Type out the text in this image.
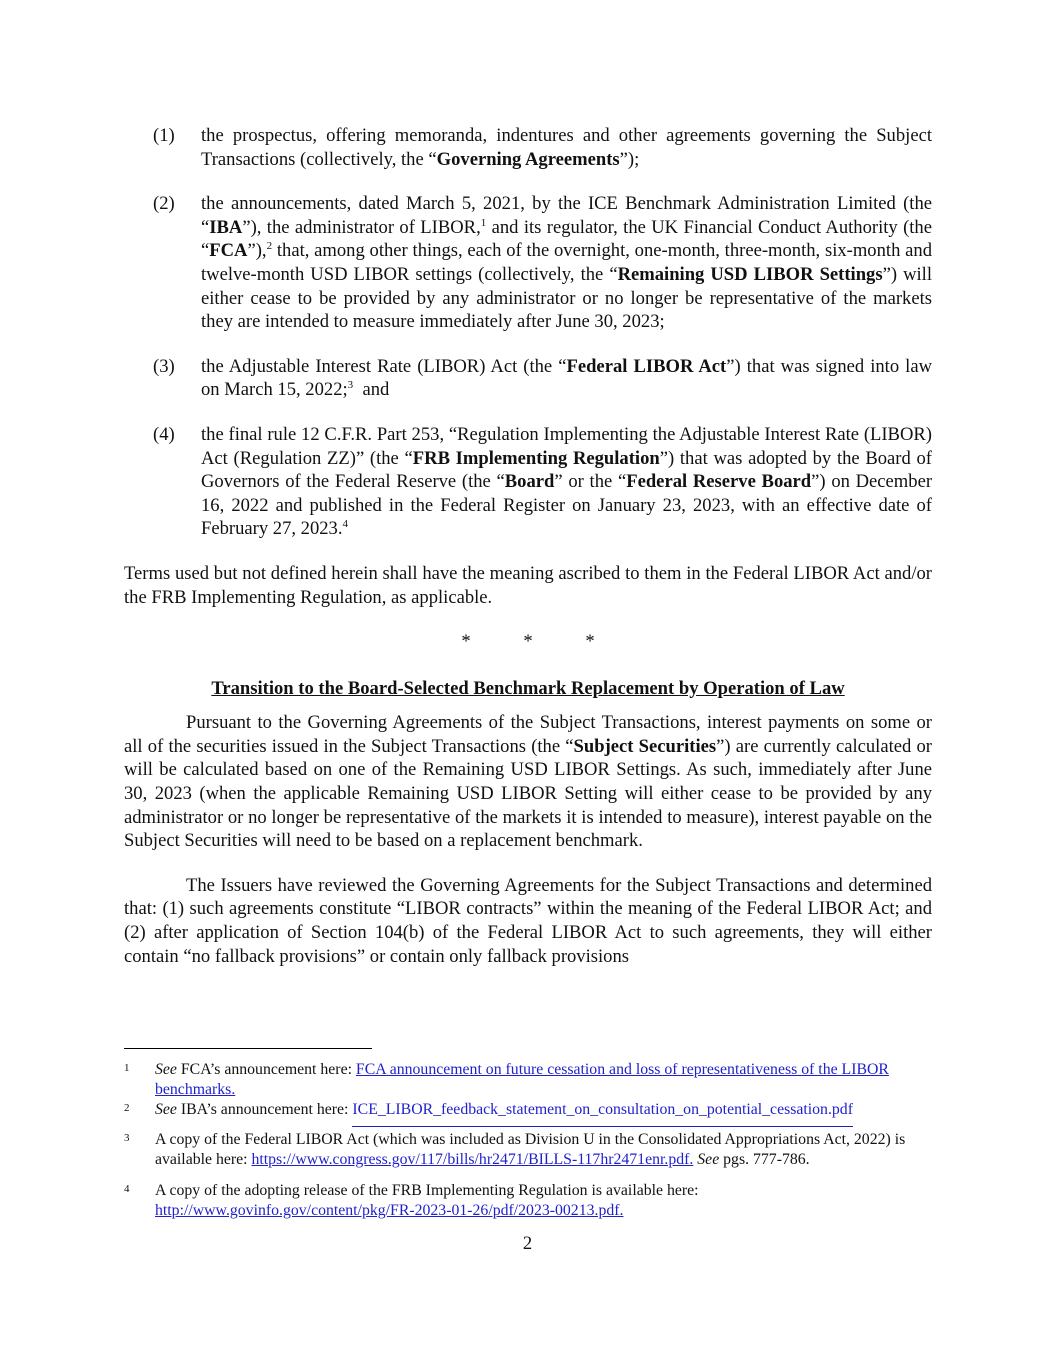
(1)	the prospectus, offering memoranda, indentures and other agreements governing the Subject Transactions (collectively, the “Governing Agreements”);
(2)	the announcements, dated March 5, 2021, by the ICE Benchmark Administration Limited (the “IBA”), the administrator of LIBOR,$^1$ and its regulator, the UK Financial Conduct Authority (the “FCA”),$^2$ that, among other things, each of the overnight, one-month, three-month, six-month and twelve-month USD LIBOR settings (collectively, the “Remaining USD LIBOR Settings”) will either cease to be provided by any administrator or no longer be representative of the markets they are intended to measure immediately after June 30, 2023;
(3)	the Adjustable Interest Rate (LIBOR) Act (the “Federal LIBOR Act”) that was signed into law on March 15, 2022;$^3$  and
(4)	the final rule 12 C.F.R. Part 253, “Regulation Implementing the Adjustable Interest Rate (LIBOR) Act (Regulation ZZ)” (the “FRB Implementing Regulation”) that was adopted by the Board of Governors of the Federal Reserve (the “Board” or the “Federal Reserve Board”) on December 16, 2022 and published in the Federal Register on January 23, 2023, with an effective date of February 27, 2023.$^4$

Terms used but not defined herein shall have the meaning ascribed to them in the Federal LIBOR Act and/or the FRB Implementing Regulation, as applicable.

*	*	*
Transition to the Board-Selected Benchmark Replacement by Operation of Law

Pursuant to the Governing Agreements of the Subject Transactions, interest payments on some or all of the securities issued in the Subject Transactions (the “Subject Securities”) are currently calculated or will be calculated based on one of the Remaining USD LIBOR Settings. As such, immediately after June 30, 2023 (when the applicable Remaining USD LIBOR Setting will either cease to be provided by any administrator or no longer be representative of the markets it is intended to measure), interest payable on the Subject Securities will need to be based on a replacement benchmark.

The Issuers have reviewed the Governing Agreements for the Subject Transactions and determined that: (1) such agreements constitute “LIBOR contracts” within the meaning of the Federal LIBOR Act; and (2) after application of Section 104(b) of the Federal LIBOR Act to such agreements, they will either contain “no fallback provisions” or contain only fallback provisions

1	See FCA’s announcement here: FCA announcement on future cessation and loss of representativeness of the LIBOR benchmarks.
2	See IBA’s announcement here: ICE_LIBOR_feedback_statement_on_consultation_on_potential_cessation.pdf
3	A copy of the Federal LIBOR Act (which was included as Division U in the Consolidated Appropriations Act, 2022) is available here: https://www.congress.gov/117/bills/hr2471/BILLS-117hr2471enr.pdf. See pgs. 777-786.
4	A copy of the adopting release of the FRB Implementing Regulation is available here: http://www.govinfo.gov/content/pkg/FR-2023-01-26/pdf/2023-00213.pdf.
2
